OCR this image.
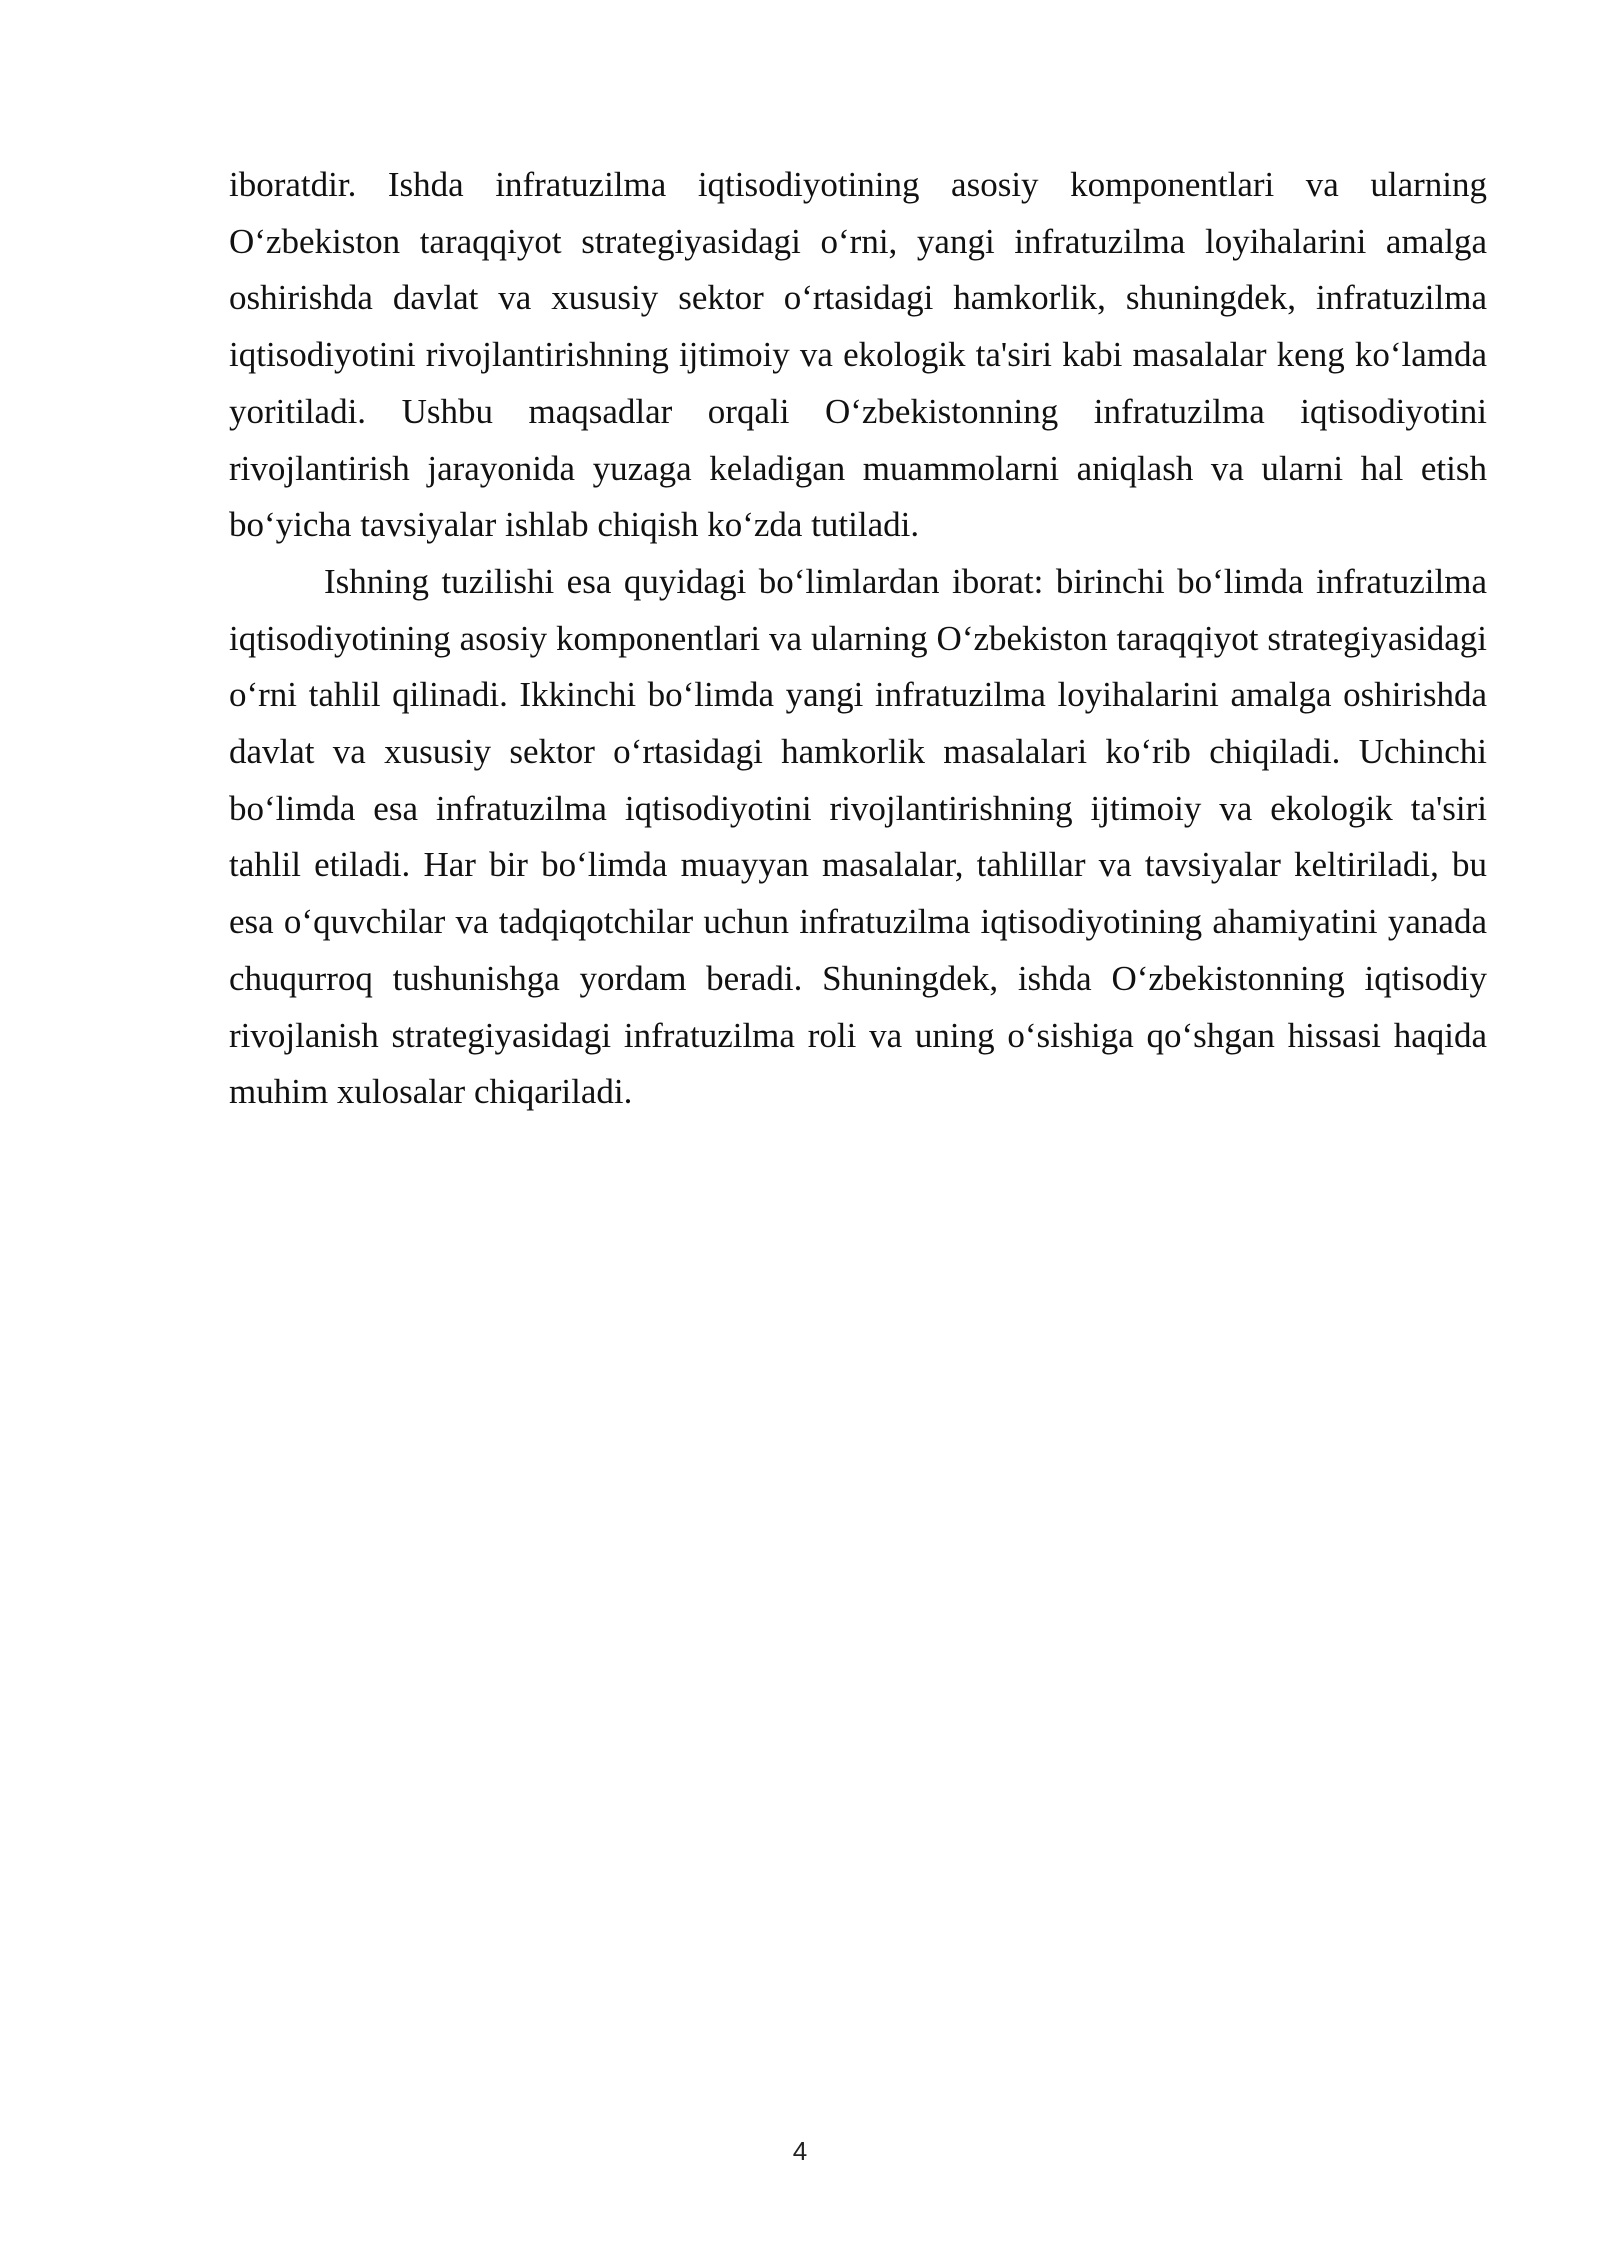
iboratdir. Ishda infratuzilma iqtisodiyotining asosiy komponentlari va ularning O‘zbekiston taraqqiyot strategiyasidagi o‘rni, yangi infratuzilma loyihalarini amalga oshirishda davlat va xususiy sektor o‘rtasidagi hamkorlik, shuningdek, infratuzilma iqtisodiyotini rivojlantirishning ijtimoiy va ekologik ta'siri kabi masalalar keng ko‘lamda yoritiladi. Ushbu maqsadlar orqali O‘zbekistonning infratuzilma iqtisodiyotini rivojlantirish jarayonida yuzaga keladigan muammolarni aniqlash va ularni hal etish bo‘yicha tavsiyalar ishlab chiqish ko‘zda tutiladi.

Ishning tuzilishi esa quyidagi bo‘limlardan iborat: birinchi bo‘limda infratuzilma iqtisodiyotining asosiy komponentlari va ularning O‘zbekiston taraqqiyot strategiyasidagi o‘rni tahlil qilinadi. Ikkinchi bo‘limda yangi infratuzilma loyihalarini amalga oshirishda davlat va xususiy sektor o‘rtasidagi hamkorlik masalalari ko‘rib chiqiladi. Uchinchi bo‘limda esa infratuzilma iqtisodiyotini rivojlantirishning ijtimoiy va ekologik ta'siri tahlil etiladi. Har bir bo‘limda muayyan masalalar, tahlillar va tavsiyalar keltiriladi, bu esa o‘quvchilar va tadqiqotchilar uchun infratuzilma iqtisodiyotining ahamiyatini yanada chuqurroq tushunishga yordam beradi. Shuningdek, ishda O‘zbekistonning iqtisodiy rivojlanish strategiyasidagi infratuzilma roli va uning o‘sishiga qo‘shgan hissasi haqida muhim xulosalar chiqariladi.

4
